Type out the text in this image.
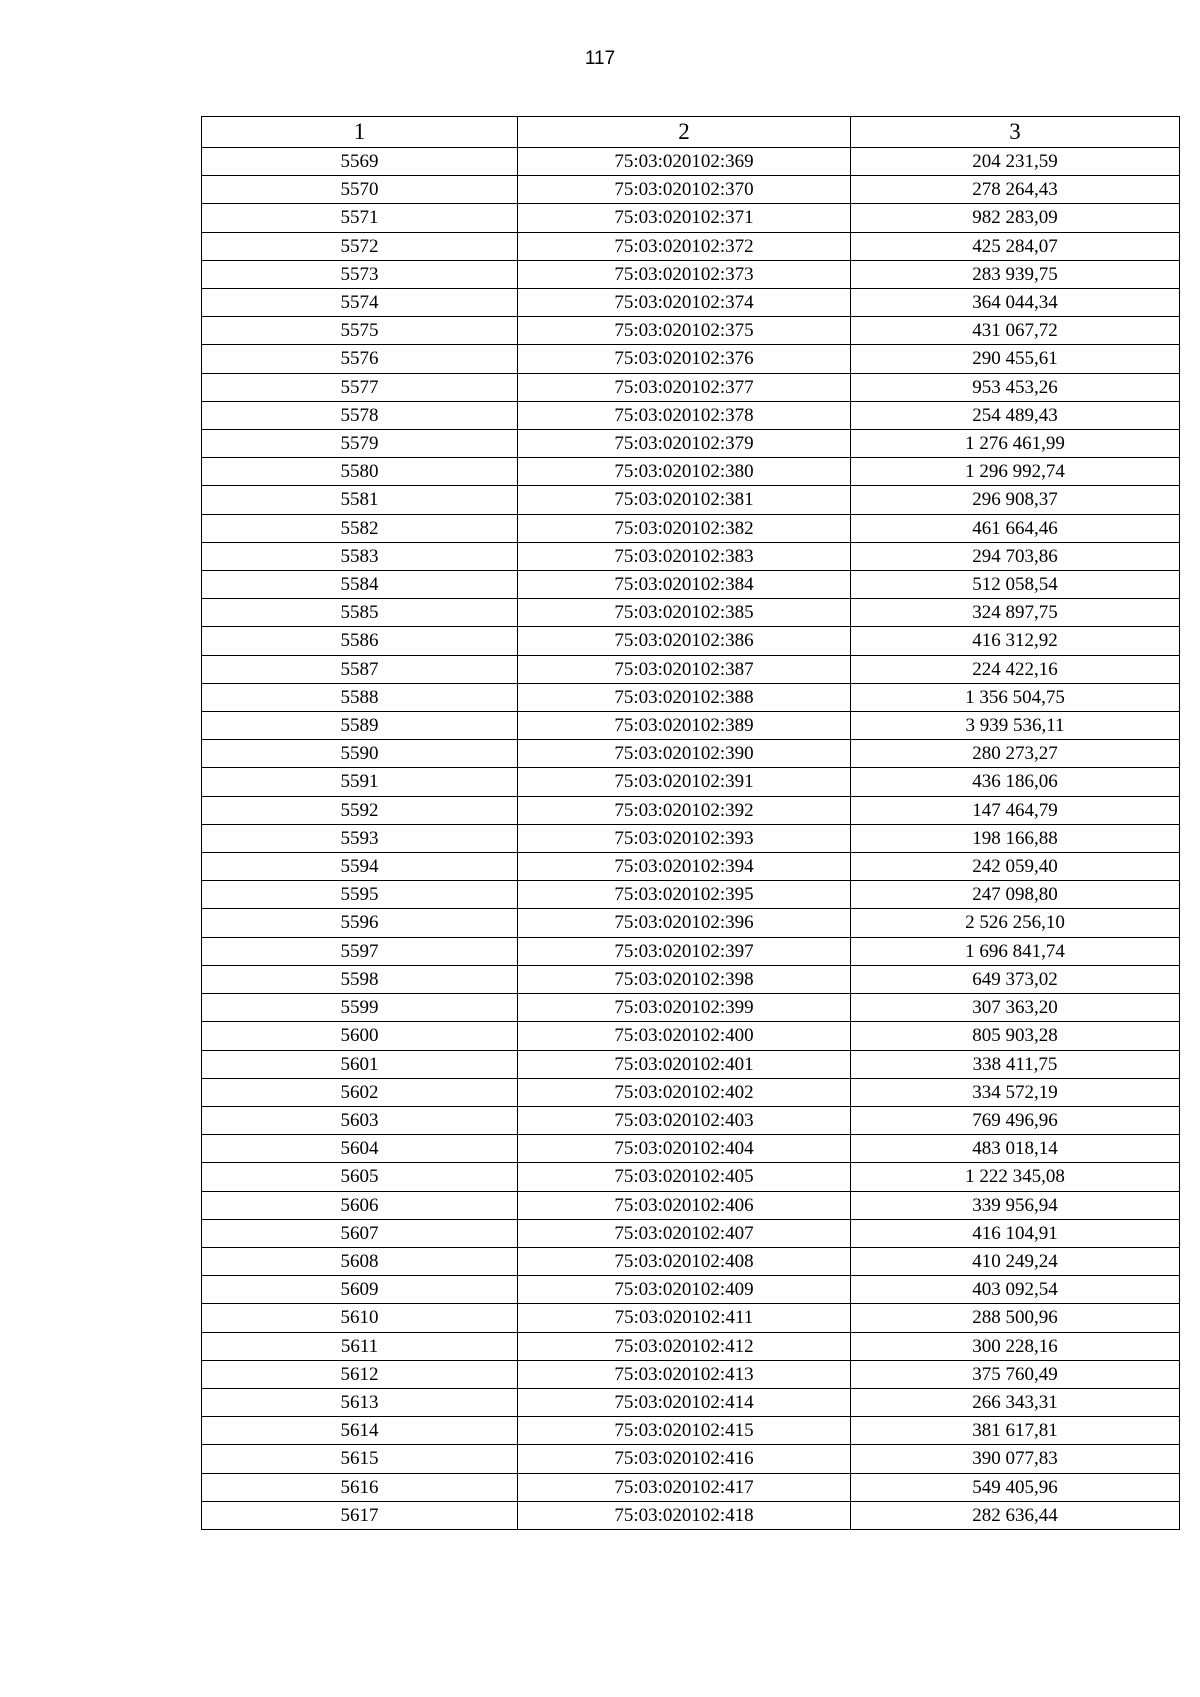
117
1	2	3
5569	75:03:020102:369	204 231,59
5570	75:03:020102:370	278 264,43
5571	75:03:020102:371	982 283,09
5572	75:03:020102:372	425 284,07
5573	75:03:020102:373	283 939,75
5574	75:03:020102:374	364 044,34
5575	75:03:020102:375	431 067,72
5576	75:03:020102:376	290 455,61
5577	75:03:020102:377	953 453,26
5578	75:03:020102:378	254 489,43
5579	75:03:020102:379	1 276 461,99
5580	75:03:020102:380	1 296 992,74
5581	75:03:020102:381	296 908,37
5582	75:03:020102:382	461 664,46
5583	75:03:020102:383	294 703,86
5584	75:03:020102:384	512 058,54
5585	75:03:020102:385	324 897,75
5586	75:03:020102:386	416 312,92
5587	75:03:020102:387	224 422,16
5588	75:03:020102:388	1 356 504,75
5589	75:03:020102:389	3 939 536,11
5590	75:03:020102:390	280 273,27
5591	75:03:020102:391	436 186,06
5592	75:03:020102:392	147 464,79
5593	75:03:020102:393	198 166,88
5594	75:03:020102:394	242 059,40
5595	75:03:020102:395	247 098,80
5596	75:03:020102:396	2 526 256,10
5597	75:03:020102:397	1 696 841,74
5598	75:03:020102:398	649 373,02
5599	75:03:020102:399	307 363,20
5600	75:03:020102:400	805 903,28
5601	75:03:020102:401	338 411,75
5602	75:03:020102:402	334 572,19
5603	75:03:020102:403	769 496,96
5604	75:03:020102:404	483 018,14
5605	75:03:020102:405	1 222 345,08
5606	75:03:020102:406	339 956,94
5607	75:03:020102:407	416 104,91
5608	75:03:020102:408	410 249,24
5609	75:03:020102:409	403 092,54
5610	75:03:020102:411	288 500,96
5611	75:03:020102:412	300 228,16
5612	75:03:020102:413	375 760,49
5613	75:03:020102:414	266 343,31
5614	75:03:020102:415	381 617,81
5615	75:03:020102:416	390 077,83
5616	75:03:020102:417	549 405,96
5617	75:03:020102:418	282 636,44
